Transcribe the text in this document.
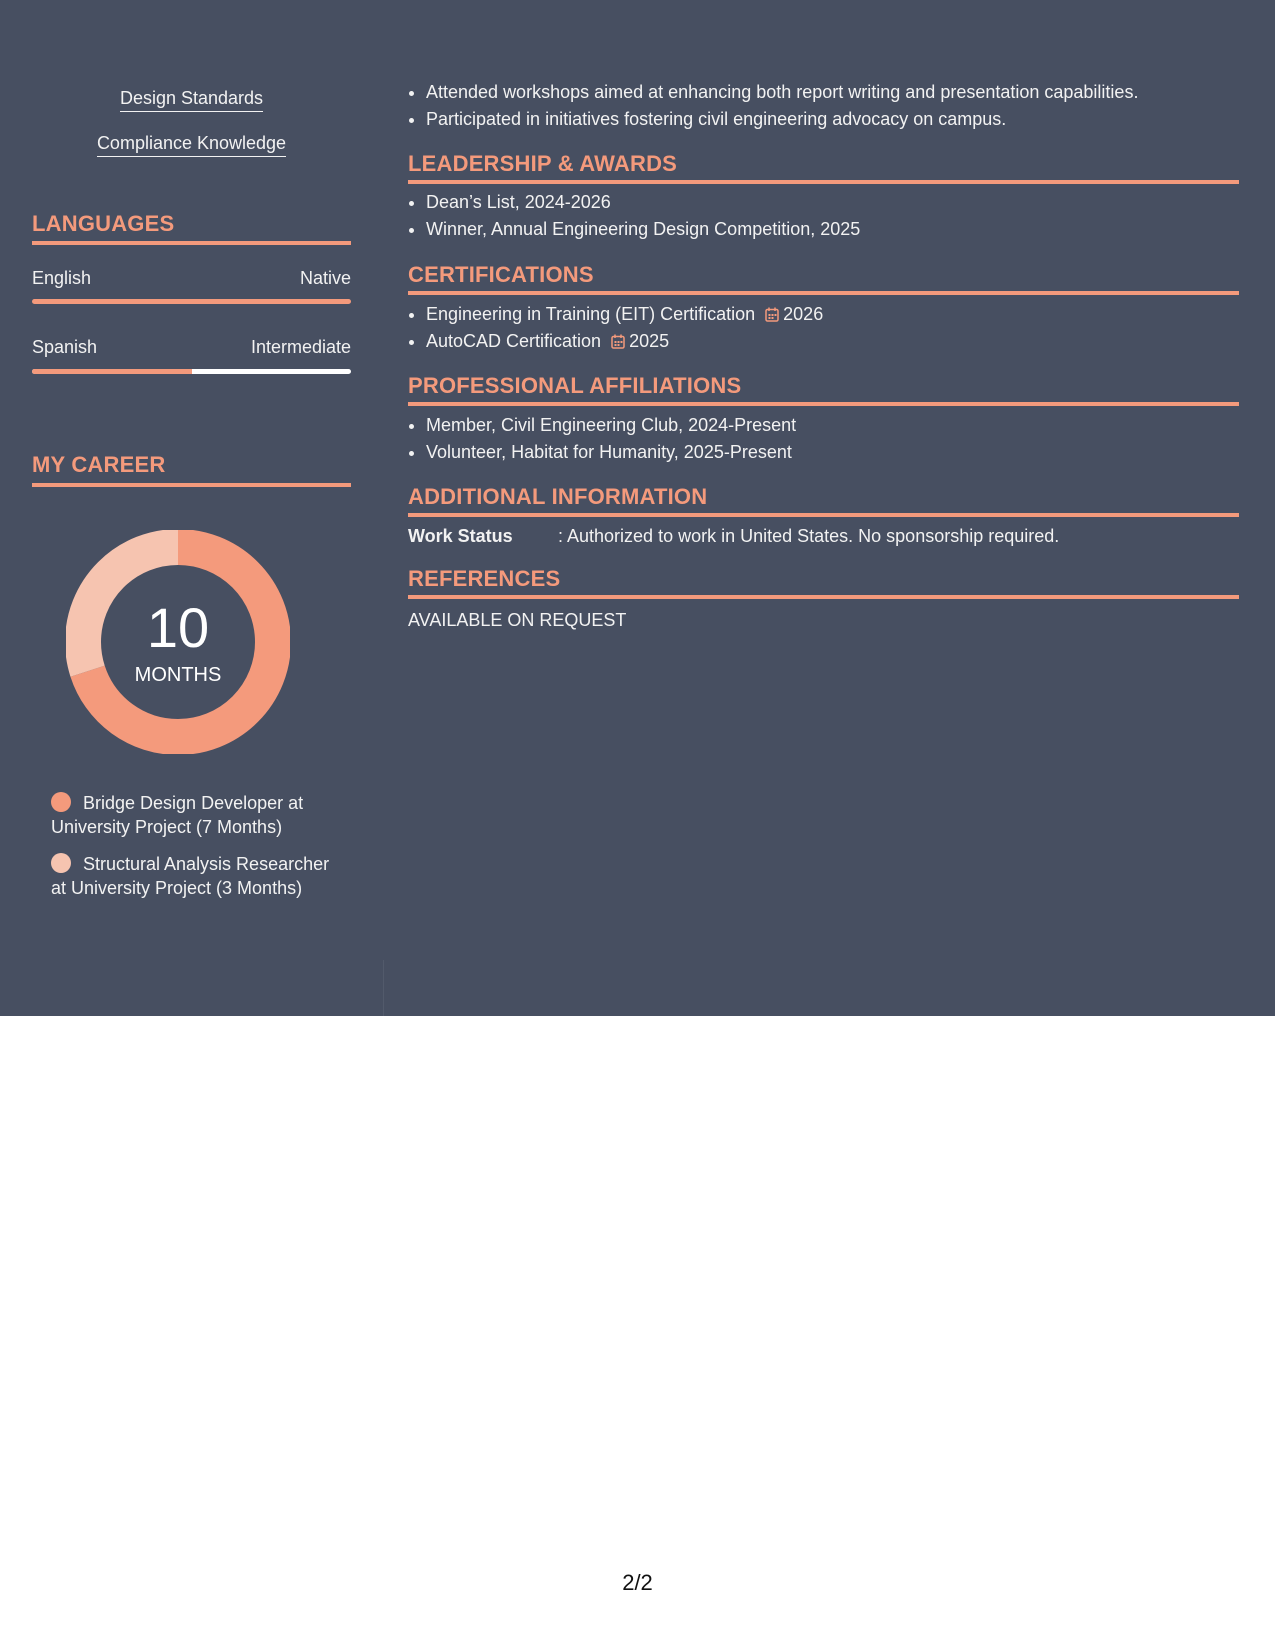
Design Standards
Compliance Knowledge
LANGUAGES
English	Native
Spanish	Intermediate
MY CAREER
10
MONTHS
Bridge Design Developer at University Project (7 Months)
Structural Analysis Researcher at University Project (3 Months)
• Attended workshops aimed at enhancing both report writing and presentation capabilities.
• Participated in initiatives fostering civil engineering advocacy on campus.
LEADERSHIP & AWARDS
• Dean’s List, 2024-2026
• Winner, Annual Engineering Design Competition, 2025
CERTIFICATIONS
• Engineering in Training (EIT) Certification 2026
• AutoCAD Certification 2025
PROFESSIONAL AFFILIATIONS
• Member, Civil Engineering Club, 2024-Present
• Volunteer, Habitat for Humanity, 2025-Present
ADDITIONAL INFORMATION
Work Status	: Authorized to work in United States. No sponsorship required.
REFERENCES
AVAILABLE ON REQUEST
2/2
